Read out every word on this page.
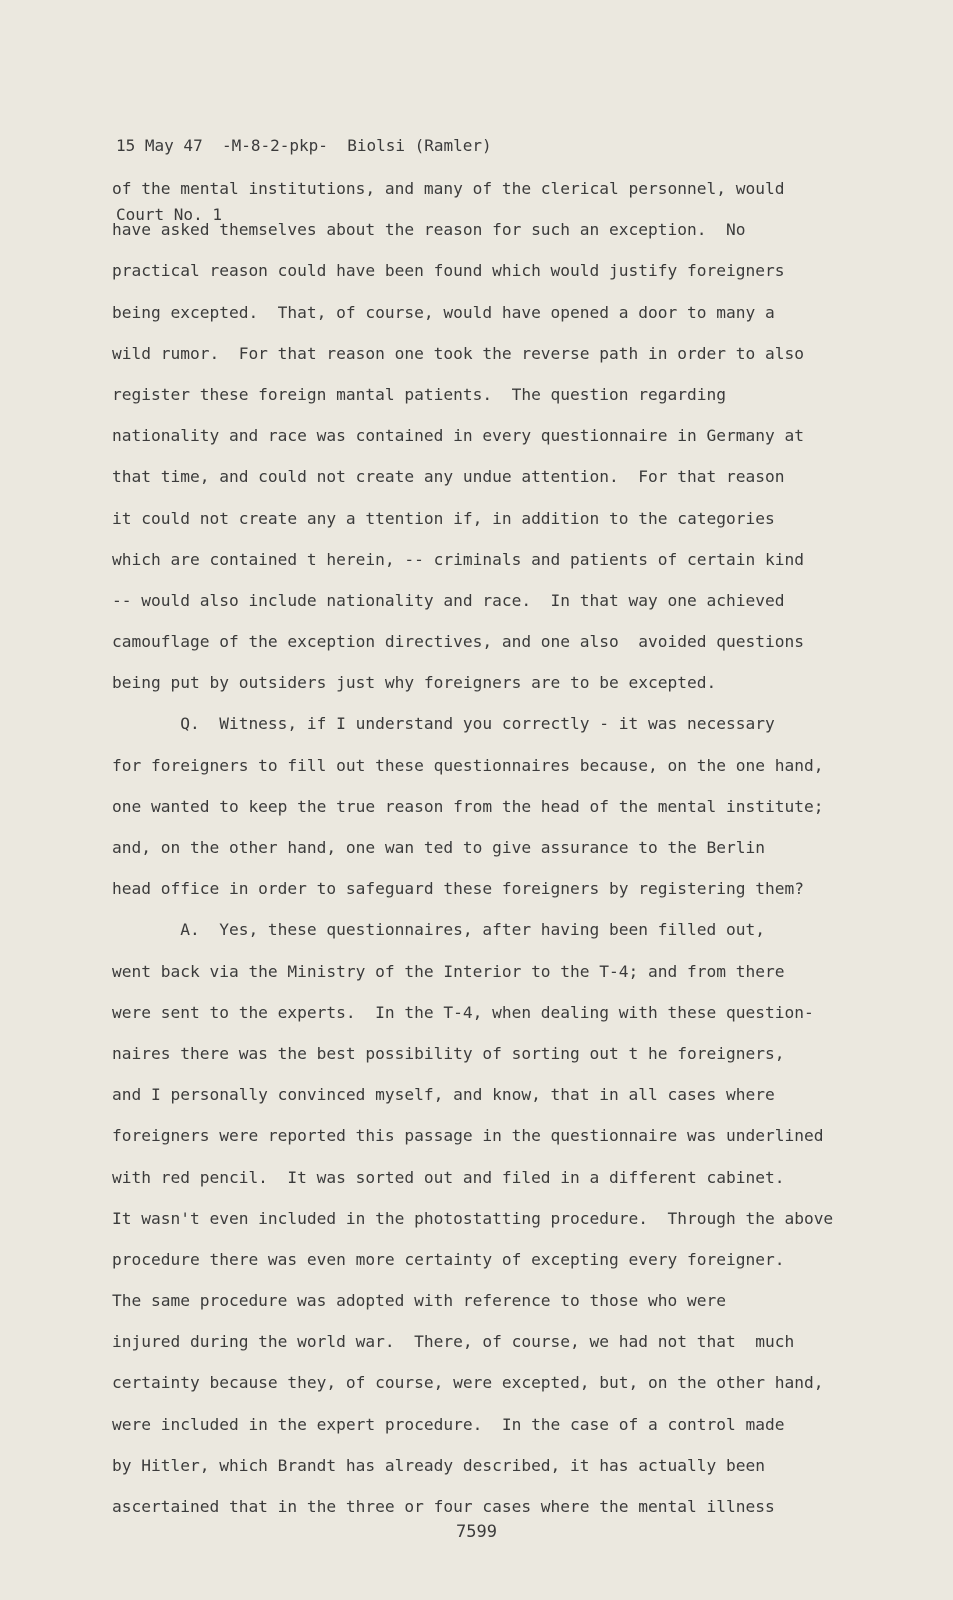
15 May 47  -M-8-2-pkp-  Biolsi (Ramler)

Court No. 1

of the mental institutions, and many of the clerical personnel, would
have asked themselves about the reason for such an exception.  No
practical reason could have been found which would justify foreigners
being excepted.  That, of course, would have opened a door to many a
wild rumor.  For that reason one took the reverse path in order to also
register these foreign mantal patients.  The question regarding
nationality and race was contained in every questionnaire in Germany at
that time, and could not create any undue attention.  For that reason
it could not create any a ttention if, in addition to the categories
which are contained t herein, -- criminals and patients of certain kind
-- would also include nationality and race.  In that way one achieved
camouflage of the exception directives, and one also  avoided questions
being put by outsiders just why foreigners are to be excepted.
Q.  Witness, if I understand you correctly - it was necessary
for foreigners to fill out these questionnaires because, on the one hand,
one wanted to keep the true reason from the head of the mental institute;
and, on the other hand, one wan ted to give assurance to the Berlin
head office in order to safeguard these foreigners by registering them?
A.  Yes, these questionnaires, after having been filled out,
went back via the Ministry of the Interior to the T-4; and from there
were sent to the experts.  In the T-4, when dealing with these question-
naires there was the best possibility of sorting out t he foreigners,
and I personally convinced myself, and know, that in all cases where
foreigners were reported this passage in the questionnaire was underlined
with red pencil.  It was sorted out and filed in a different cabinet.
It wasn't even included in the photostatting procedure.  Through the above
procedure there was even more certainty of excepting every foreigner.
The same procedure was adopted with reference to those who were
injured during the world war.  There, of course, we had not that  much
certainty because they, of course, were excepted, but, on the other hand,
were included in the expert procedure.  In the case of a control made
by Hitler, which Brandt has already described, it has actually been
ascertained that in the three or four cases where the mental illness
7599
